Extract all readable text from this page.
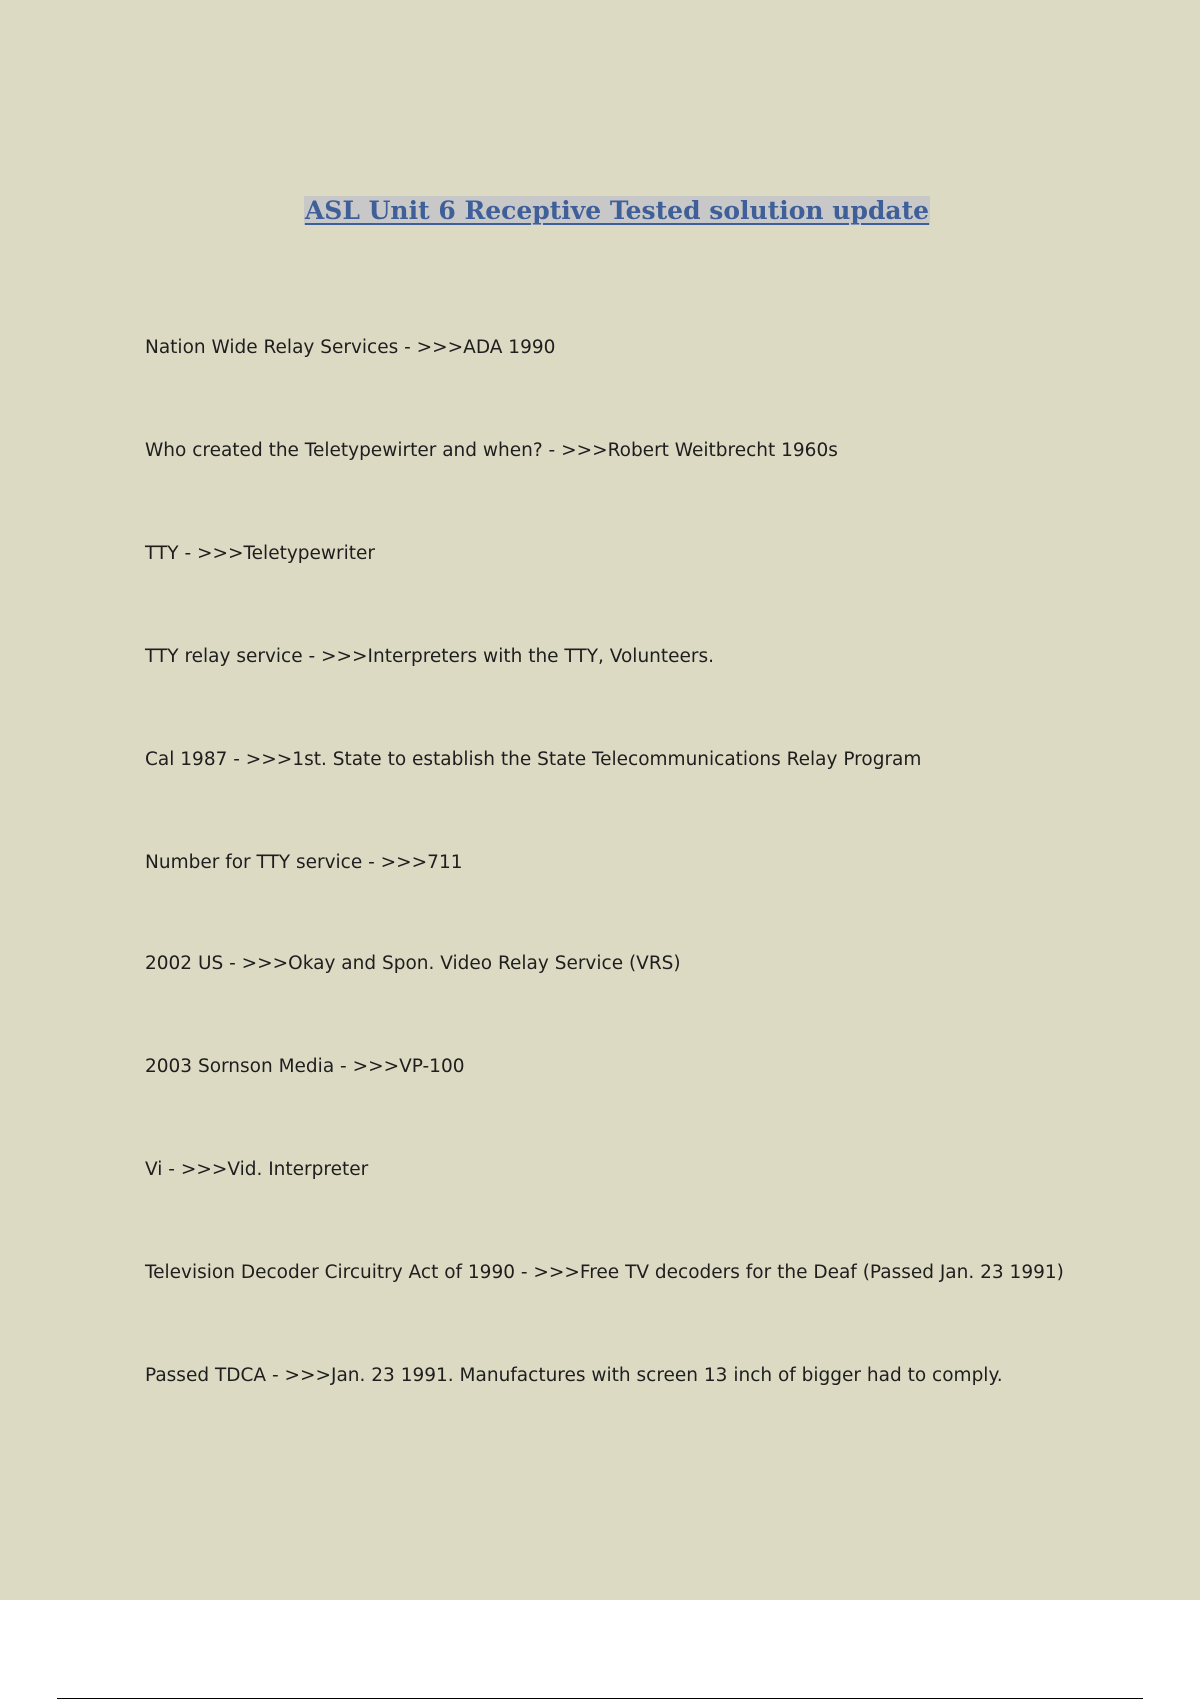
ASL Unit 6 Receptive Tested solution update

Nation Wide Relay Services - >>>ADA 1990

Who created the Teletypewirter and when? - >>>Robert Weitbrecht 1960s

TTY - >>>Teletypewriter

TTY relay service - >>>Interpreters with the TTY, Volunteers.

Cal 1987 - >>>1st. State to establish the State Telecommunications Relay Program

Number for TTY service - >>>711

2002 US - >>>Okay and Spon. Video Relay Service (VRS)

2003 Sornson Media - >>>VP-100

Vi - >>>Vid. Interpreter

Television Decoder Circuitry Act of 1990 - >>>Free TV decoders for the Deaf (Passed Jan. 23 1991)

Passed TDCA - >>>Jan. 23 1991. Manufactures with screen 13 inch of bigger had to comply.
